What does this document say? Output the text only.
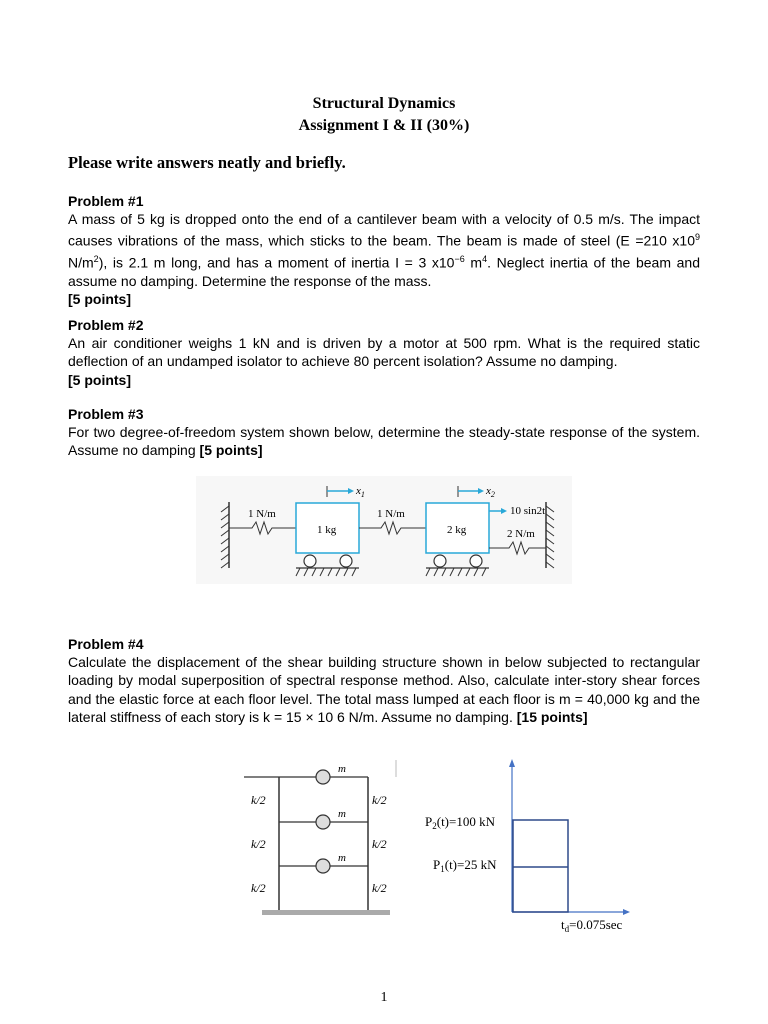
Structural Dynamics
Assignment I & II (30%)
Please write answers neatly and briefly.
Problem #1
A mass of 5 kg is dropped onto the end of a cantilever beam with a velocity of 0.5 m/s. The impact causes vibrations of the mass, which sticks to the beam. The beam is made of steel (E =210 $x10^9$ $N/m^2$), is 2.1 m long, and has a moment of inertia I = 3 $x10^{-6}$ $m^4$. Neglect inertia of the beam and assume no damping. Determine the response of the mass.
[5 points]
Problem #2
An air conditioner weighs 1 kN and is driven by a motor at 500 rpm. What is the required static deflection of an undamped isolator to achieve 80 percent isolation? Assume no damping.
[5 points]
Problem #3
For two degree-of-freedom system shown below, determine the steady-state response of the system. Assume no damping [5 points]
1 N/m
1 kg
$x_1$
1 N/m
2 kg
$x_2$
10 sin2t
2 N/m
Problem #4
Calculate the displacement of the shear building structure shown in below subjected to rectangular loading by modal superposition of spectral response method. Also, calculate inter-story shear forces and the elastic force at each floor level. The total mass lumped at each floor is m = 40,000 kg and the lateral stiffness of each story is k = 15 × 10 6 N/m. Assume no damping. [15 points]
m
m
m
k/2	k/2
k/2	k/2
k/2	k/2
$P_2(t)=100$ kN
$P_1(t)=25$ kN
$t_d=0.075\sec$
1
